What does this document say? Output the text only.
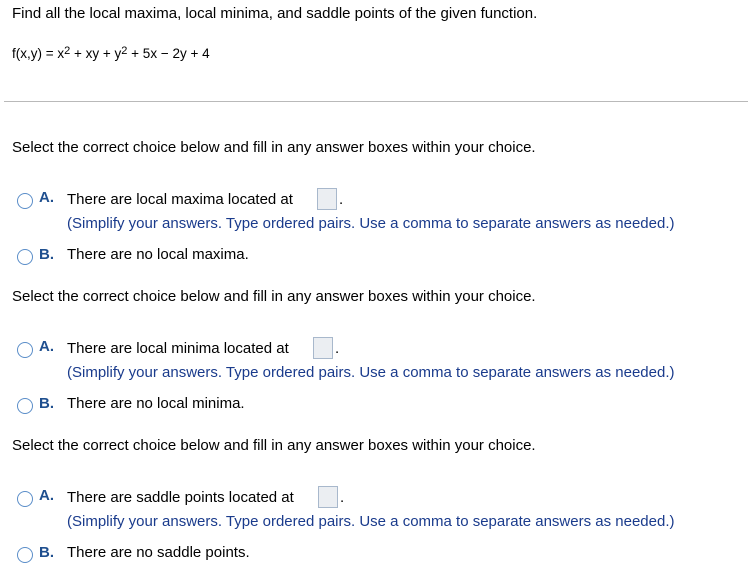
Find all the local maxima, local minima, and saddle points of the given function.
$f(x,y) = x^2$ + xy + $y^2 + 5x - 2y + 4$
Select the correct choice below and fill in any answer boxes within your choice.
A. There are local maxima located at	.
(Simplify your answers. Type ordered pairs. Use a comma to separate answers as needed.)
B. There are no local maxima.
Select the correct choice below and fill in any answer boxes within your choice.
A. There are local minima located at	.
(Simplify your answers. Type ordered pairs. Use a comma to separate answers as needed.)
B. There are no local minima.
Select the correct choice below and fill in any answer boxes within your choice.
A. There are saddle points located at	.
(Simplify your answers. Type ordered pairs. Use a comma to separate answers as needed.)
B. There are no saddle points.
